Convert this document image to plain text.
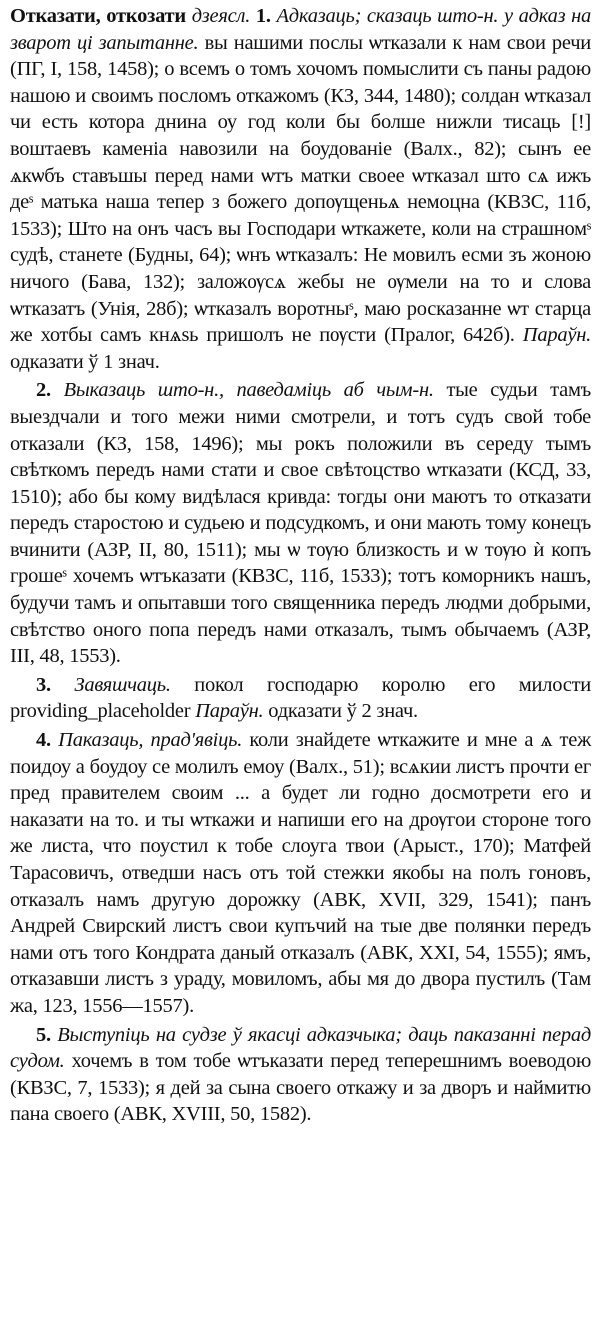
Отказати, откозати дзеясл. 1. Адказаць; сказаць што-н. у адказ на зварот ці запытанне. вы нашими послы ѡтказали к нам свои речи (ПГ, І, 158, 1458); о всемъ о томъ хочомъ помыслити съ паны радою нашою и своимъ посломъ откажомъ (КЗ, 344, 1480); солдан ѡтказал чи есть котора днина оу год коли бы болше нижли тисаць [!] воштаевъ каменіа навозили на боудованіе (Валх., 82); сынъ ее ѧкѡбъ ставъшы перед нами ѡтъ матки своее ѡтказал што сѧ ижъ деˢ матька наша тепер з божего допѹщеньѧ немоцна (КВЗС, 11б, 1533); Што на онъ часъ вы Господари ѡткажете, коли на страшномˢ судѣ, станете (Будны, 64); ѡнъ ѡтказалъ: Не мовилъ есми зъ жоною ничого (Бава, 132); заложѹсѧ жебы не ѹмели на то и слова ѡтказатъ (Унія, 28б); ѡтказалъ воротныˢ, маю росказанне ѡт старца же хотбы самъ кнѧѕь пришолъ не пѹсти (Пралог, 642б). Параўн. одказати ў 1 знач.

2. Выказаць што-н., паведаміць аб чым-н. тые судьи тамъ выездчали и того межи ними смотрели, и тотъ судъ свой тобе отказали (КЗ, 158, 1496); мы рокъ положили въ середу тымъ свѣткомъ передъ нами стати и свое свѣтоцство ѡтказати (КСД, 33, 1510); або бы кому видѣлася кривда: тогды они маютъ то отказати передъ старостою и судьею и подсудкомъ, и они мають тому конецъ вчинити (АЗР, II, 80, 1511); мы ѡ тѹю близкость и ѡ тѹю ѝ копъ грошеˢ хочемъ ѡтъказати (КВЗС, 11б, 1533); тотъ коморникъ нашъ, будучи тамъ и опытавши того священника передъ людми добрыми, свѣтство оного попа передъ нами отказалъ, тымъ обычаемъ (АЗР, III, 48, 1553).

3. Завяшчаць. покол господарю королю его милости providing_placeholder Параўн. одказати ў 2 знач.

4. Паказаць, прад'явіць. коли знайдете ѡткажите и мне а ѧ теж поидоу а боудоу се молилъ емоу (Валх., 51); всѧкии листъ прочти ег пред правителем своим ... а будет ли годно досмотрети его и наказати на то. и ты ѡткажи и напиши его на дрѹгои стороне того же листа, что поустил к тобе слоуга твои (Арыст., 170); Матфей Тарасовичъ, отведши насъ отъ той стежки якобы на полъ гоновъ, отказалъ намъ другую дорожку (АВК, XVII, 329, 1541); панъ Андрей Свирский листъ свои купъчий на тые две полянки передъ нами отъ того Кондрата даный отказалъ (АВК, XXI, 54, 1555); ямъ, отказавши листъ з ураду, мовиломъ, абы мя до двора пустилъ (Там жа, 123, 1556—1557).

5. Выступіць на судзе ў якасці адказчыка; даць паказанні перад судом. хочемъ в том тобе ѡтъказати перед теперешнимъ воеводою (КВЗС, 7, 1533); я дей за сына своего откажу и за дворъ и наймитю пана своего (АВК, XVIII, 50, 1582).
